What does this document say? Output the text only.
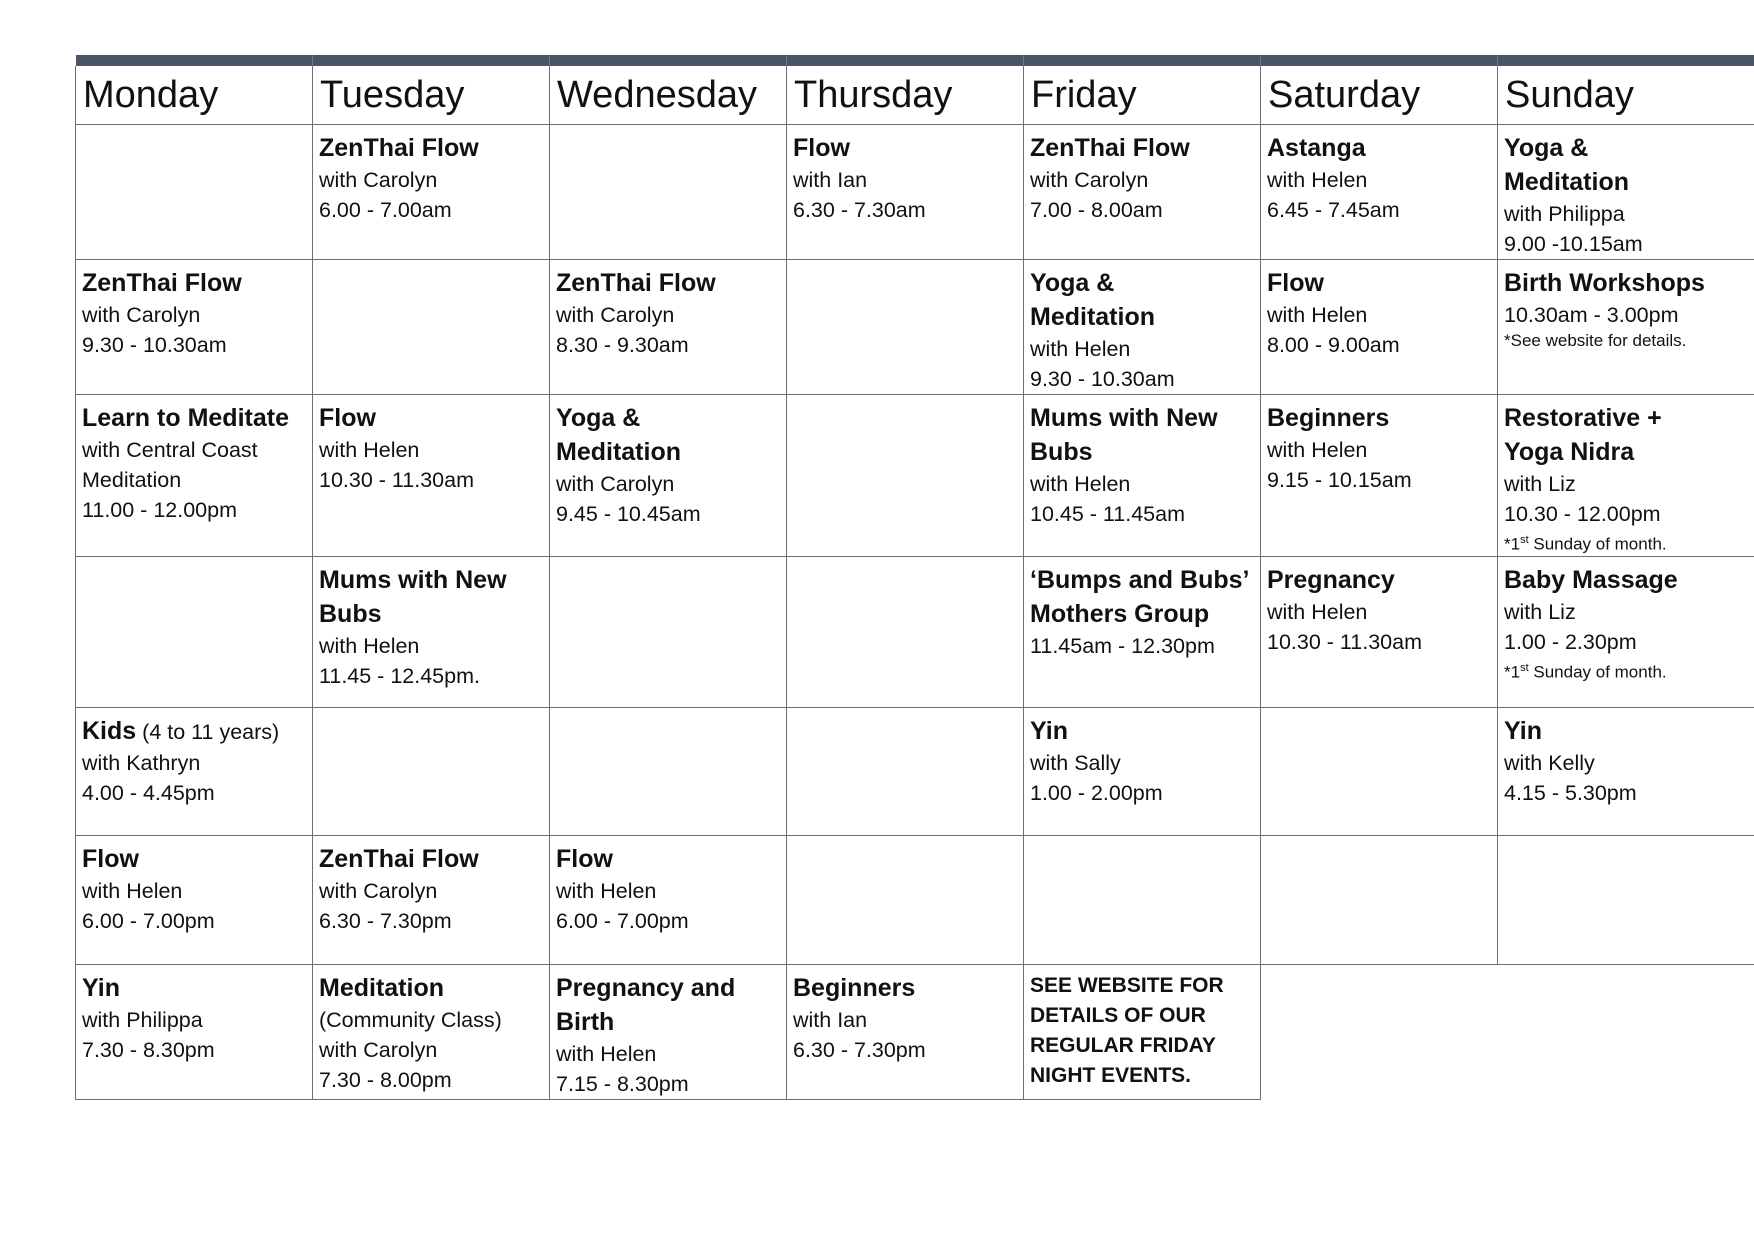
Monday	Tuesday	Wednesday	Thursday	Friday	Saturday	Sunday

	ZenThai Flow
with Carolyn
6.00 - 7.00am		Flow
with Ian
6.30 - 7.30am	ZenThai Flow
with Carolyn
7.00 - 8.00am	Astanga
with Helen
6.45 - 7.45am	Yoga &
Meditation
with Philippa
9.00 -10.15am

ZenThai Flow
with Carolyn
9.30 - 10.30am		ZenThai Flow
with Carolyn
8.30 - 9.30am		Yoga &
Meditation
with Helen
9.30 - 10.30am	Flow
with Helen
8.00 - 9.00am	Birth Workshops
10.30am - 3.00pm
*See website for details.

Learn to Meditate
with Central Coast
Meditation
11.00 - 12.00pm	Flow
with Helen
10.30 - 11.30am	Yoga &
Meditation
with Carolyn
9.45 - 10.45am		Mums with New
Bubs
with Helen
10.45 - 11.45am	Beginners
with Helen
9.15 - 10.15am	Restorative +
Yoga Nidra
with Liz
10.30 - 12.00pm
*1st Sunday of month.

	Mums with New
Bubs
with Helen
11.45 - 12.45pm.			‘Bumps and Bubs’
Mothers Group
11.45am - 12.30pm	Pregnancy
with Helen
10.30 - 11.30am	Baby Massage
with Liz
1.00 - 2.30pm
*1st Sunday of month.

Kids (4 to 11 years)
with Kathryn
4.00 - 4.45pm				Yin
with Sally
1.00 - 2.00pm		Yin
with Kelly
4.15 - 5.30pm

Flow
with Helen
6.00 - 7.00pm	ZenThai Flow
with Carolyn
6.30 - 7.30pm	Flow
with Helen
6.00 - 7.00pm				

Yin
with Philippa
7.30 - 8.30pm	Meditation
(Community Class)
with Carolyn
7.30 - 8.00pm	Pregnancy and
Birth
with Helen
7.15 - 8.30pm	Beginners
with Ian
6.30 - 7.30pm	SEE WEBSITE FOR
DETAILS OF OUR
REGULAR FRIDAY
NIGHT EVENTS.		
